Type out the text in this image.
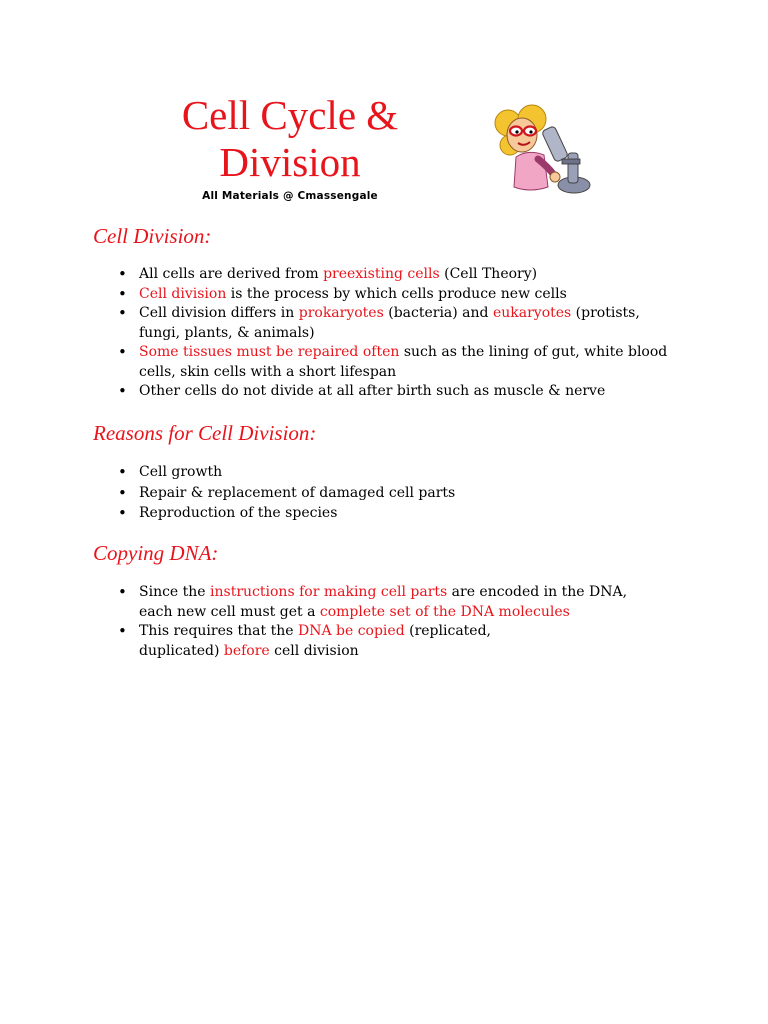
Cell Cycle &
Division
All Materials @ Cmassengale
Cell Division:
• All cells are derived from preexisting cells (Cell Theory)
• Cell division is the process by which cells produce new cells
• Cell division differs in prokaryotes (bacteria) and eukaryotes (protists, fungi, plants, & animals)
• Some tissues must be repaired often such as the lining of gut, white blood cells, skin cells with a short lifespan
• Other cells do not divide at all after birth such as muscle & nerve
Reasons for Cell Division:
• Cell growth
• Repair & replacement of damaged cell parts
• Reproduction of the species
Copying DNA:
• Since the instructions for making cell parts are encoded in the DNA, each new cell must get a complete set of the DNA molecules
• This requires that the DNA be copied (replicated, duplicated) before cell division
